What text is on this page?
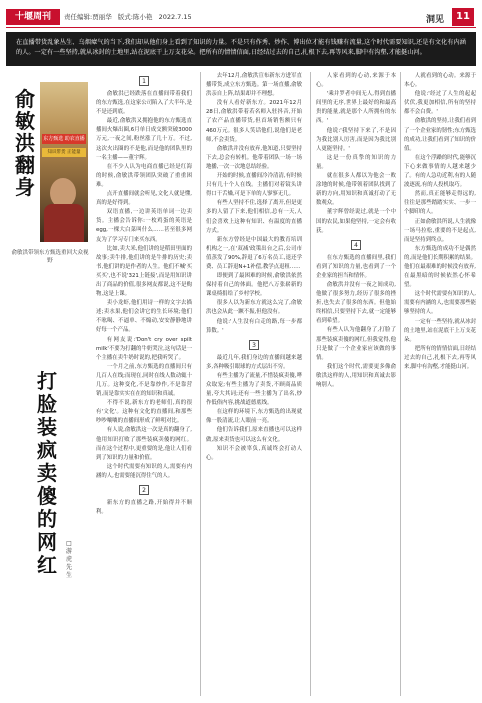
十堰周刊	责任编辑:贾丽华 版式:陈小艳 2022.7.15	洞见	11
在直播带货乱象丛生、乌烟瘴气的当下,我们却从他们身上看到了知识的力量。不是只有作秀、炒作、博出位才能有钱赚有流量,这个时代需要知识,还是有文化有内涵的人。一定有一些坚持,就从冰封的土地里,站在泥底干上万支花朵。把所有的情情信面,日经结过去的自己,扎根下去,再等风来,脚中有沟壑,才能挺山河。
俞
敏
洪
翻
身
东方甄选 助农直播
知识带货 正能量
俞敏洪带领东方甄选重回大众视野
打
脸
装
疯
卖
傻
的
网
红
□
游
虎
先
生
1

俞敏洪已经跌落在直播间带着我们的东方甄选,在这家公司陷入了大半年,是不是还到底。

最近,俞敏洪又拥抱他的东方甄选直播间火爆出圈,6月单日成交额突破3000万元,一夜之间,粉丝涨了几十万。不过,这次火出圈的不是他,而是他的团队里的一名主播——董宇辉。

在不少人认为电商直播已经是红海的时候,俞敏洪带领团队突破了重重困难。

点开直播间就会听见,文化人就是懂,真的是好得到。

双语直播,一边讲英语单词一边卖货。主播会告诉你:一枚鸡蛋的英语是egg,一棵大白菜叫什么……甚至很多网友为了学习专门来买东西。

比如,卖大米,他们讲的是稻田里面的故事;卖牛排,他们讲的是牛排的历史;卖书,他们讲的是作者的人生。他们不喊'买买买',也不说'321上链接',而是用知识讲出了商品的价值,很多网友都说,这不是购物,这是上课。

卖小龙虾,他们用诗一样的文字去描述;卖水果,他们会讲它的生长环境;他们不吆喝、不逼单、不煽动,安安静静地讲好每一个产品。

有网友说:'Don't cry over spilt milk'不要为打翻的牛奶哭泣,这句话是一个主播在卖牛奶时说的,把我听哭了。

一个月之前,东方甄选的直播间只有几百人在线;而现在,同时在线人数动辄十几万。这种变化,不是靠炒作,不是靠营销,而是靠实实在在的知识和真诚。

不得不说,新东方的老师们,真的很有'文化'。这种有文化的直播间,和那些吵吵嚷嚷的直播间形成了鲜明对比。

有人说,俞敏洪这一次是真的翻身了,他用知识打败了那些装疯卖傻的网红。而在这个过程中,更重要的是,他让人们看到了知识的力量和价值。

这个时代需要有知识的人,需要有内涵的人,也需要能沉得住气的人。

2

新东方的直播之路,开始得并不顺利。

去年12月,俞敏洪宣布新东方进军直播带货,成立东方甄选。第一场直播,俞敏洪亲自上阵,结果却并不理想。

没有人看好新东方。2021年12月28日,俞敏洪带着若名师入驻抖音,开始了农产品直播带货,但首场销售额只有460万元。很多人笑话他们,说他们是老师,不会卖货。

俞敏洪并没有放弃,他知道,只要坚持下去,总会有转机。他带着团队一场一场地播,一次一次地总结经验。

开始的时候,直播间冷冷清清,有时候只有几十个人在线。主播们对着镜头讲得口干舌燥,可是下单的人寥寥无几。

有些人坚持不住,选择了离开,但是更多的人留了下来,他们相信,总有一天,人们会喜欢上这种有知识、有温度的直播方式。

新东方曾经是中国最大的教育培训机构之一,在'双减'政策出台之后,公司市值蒸发了90%,辞退了6万名员工,退还学费、员工辞退N+1补偿,教学点退租……

即便到了最困难的时候,俞敏洪依然保持着自己的体面。他把八万张崭新的课桌椅捐给了乡村学校。

很多人以为新东方就这么完了,俞敏洪也会从此一蹶不振,但他没有。

他说:'人生没有白走的路,每一步都算数。'

3

最近几年,我们身边的直播间越来越多,各种吸引眼球的方式层出不穷。

有些主播为了流量,不惜装疯卖傻,哗众取宠;有些主播为了卖货,不顾商品质量,夸大其词;还有一些主播为了出名,炒作低俗内容,挑战道德底线。

在这样的环境下,东方甄选的出现就像一股清流,让人眼前一亮。

他们告诉我们,原来直播也可以这样做,原来卖货也可以这么有文化。

知识不会被辜负,真诚终会打动人心。

人家看到的心动,来源于本心。

'乘并罗者中间无人,得到直播间里的无序,世界上最好的和最高贵的能量,就是那个人所拥有的东西。'

他说:'我坚持下来了,不是因为我比别人厉害,而是因为我比别人更能坚持。'

这是一份真挚的知识的力量。

就在很多人都以为他会一败涂地的时候,他带领着团队找到了新的方向,用知识和真诚打动了无数观众。

董宇辉曾经说过,就是一个中国的农民,如果他坚持,一定会有收获。

4

在东方甄选的直播间里,我们看到了知识的力量,也看到了一个企业家的担当和情怀。

俞敏洪并没有一夜之间成功,他做了很多努力,经历了很多的挫折,也失去了很多的东西。但他始终相信,只要坚持下去,就一定能够看到希望。

有些人认为他翻身了,打脸了那些装疯卖傻的网红,但我觉得,他只是做了一个企业家应该做的事情。

我们这个时代,需要更多像俞敏洪这样的人,用知识和真诚去影响别人。

人就看到的心动。来源于本心。

他说:'经过了人生的起起伏伏,我更加相信,所有的坚持都不会白费。'

俞敏洪的坚持,让我们看到了一个企业家的韧性;东方甄选的成功,让我们看到了知识的价值。

在这个浮躁的时代,能够沉下心来做事情的人越来越少了。有的人急功近利,有的人随波逐流,有的人投机取巧。

然而,真正能够走得远的,往往是那些踏踏实实、一步一个脚印的人。

正如俞敏洪所说,人生就像一场马拉松,重要的不是起点,而是坚持到终点。

东方甄选的成功不是偶然的,而是他们长期积累的结果。他们在最艰难的时候没有放弃,在最黑暗的时候依然心怀希望。

这个时代需要有知识的人,需要有内涵的人,也需要那些能够坚持的人。

一定有一些坚持,就从冰封的土地里,站在泥底干上万支花朵。

把所有的情情信面,日经结过去的自己,扎根下去,再等风来,脚中有沟壑,才能挺山河。
